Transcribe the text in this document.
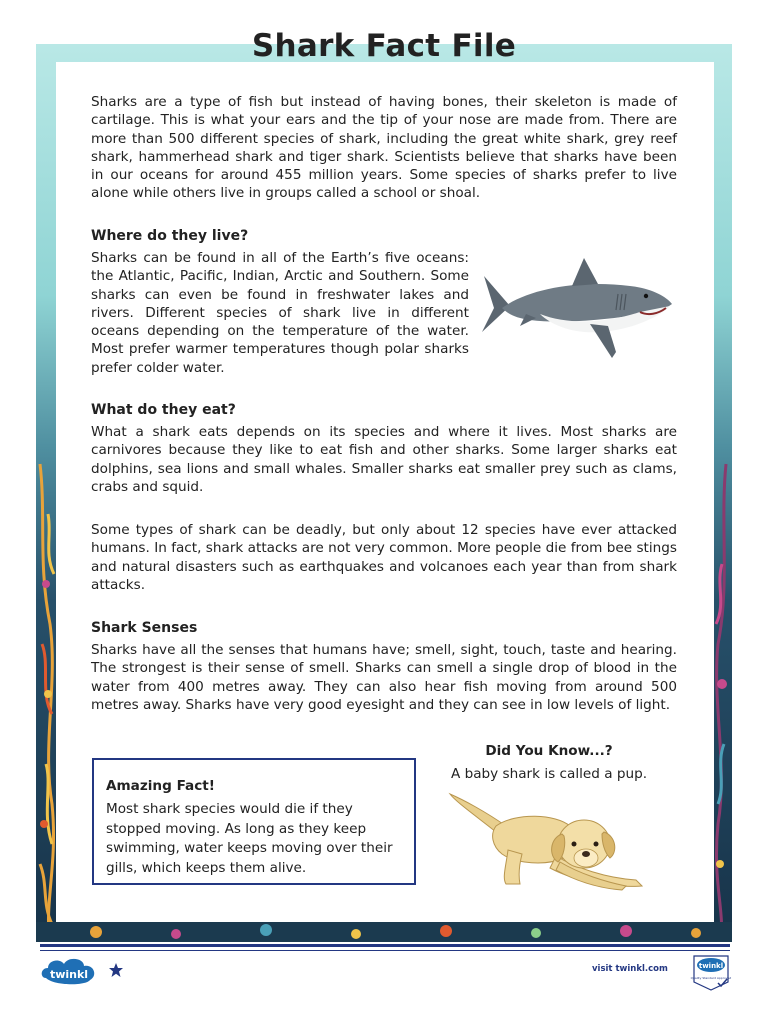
Shark Fact File

Sharks are a type of fish but instead of having bones, their skeleton is made of cartilage. This is what your ears and the tip of your nose are made from. There are more than 500 different species of shark, including the great white shark, grey reef shark, hammerhead shark and tiger shark. Scientists believe that sharks have been in our oceans for around 455 million years. Some species of sharks prefer to live alone while others live in groups called a school or shoal.

Where do they live?

Sharks can be found in all of the Earth’s five oceans: the Atlantic, Pacific, Indian, Arctic and Southern. Some sharks can even be found in freshwater lakes and rivers. Different species of shark live in different oceans depending on the temperature of the water. Most prefer warmer temperatures though polar sharks prefer colder water.

What do they eat?

What a shark eats depends on its species and where it lives. Most sharks are carnivores because they like to eat fish and other sharks. Some larger sharks eat dolphins, sea lions and small whales. Smaller sharks eat smaller prey such as clams, crabs and squid.

Some types of shark can be deadly, but only about 12 species have ever attacked humans. In fact, shark attacks are not very common. More people die from bee stings and natural disasters such as earthquakes and volcanoes each year than from shark attacks.

Shark Senses

Sharks have all the senses that humans have; smell, sight, touch, taste and hearing. The strongest is their sense of smell. Sharks can smell a single drop of blood in the water from 400 metres away. They can also hear fish moving from around 500 metres away. Sharks have very good eyesight and they can see in low levels of light.

Amazing Fact!

Most shark species would die if they stopped moving. As long as they keep swimming, water keeps moving over their gills, which keeps them alive.

Did You Know...?

A baby shark is called a pup.

twinkl	visit twinkl.com	twinkl
Quality Standard Approved
